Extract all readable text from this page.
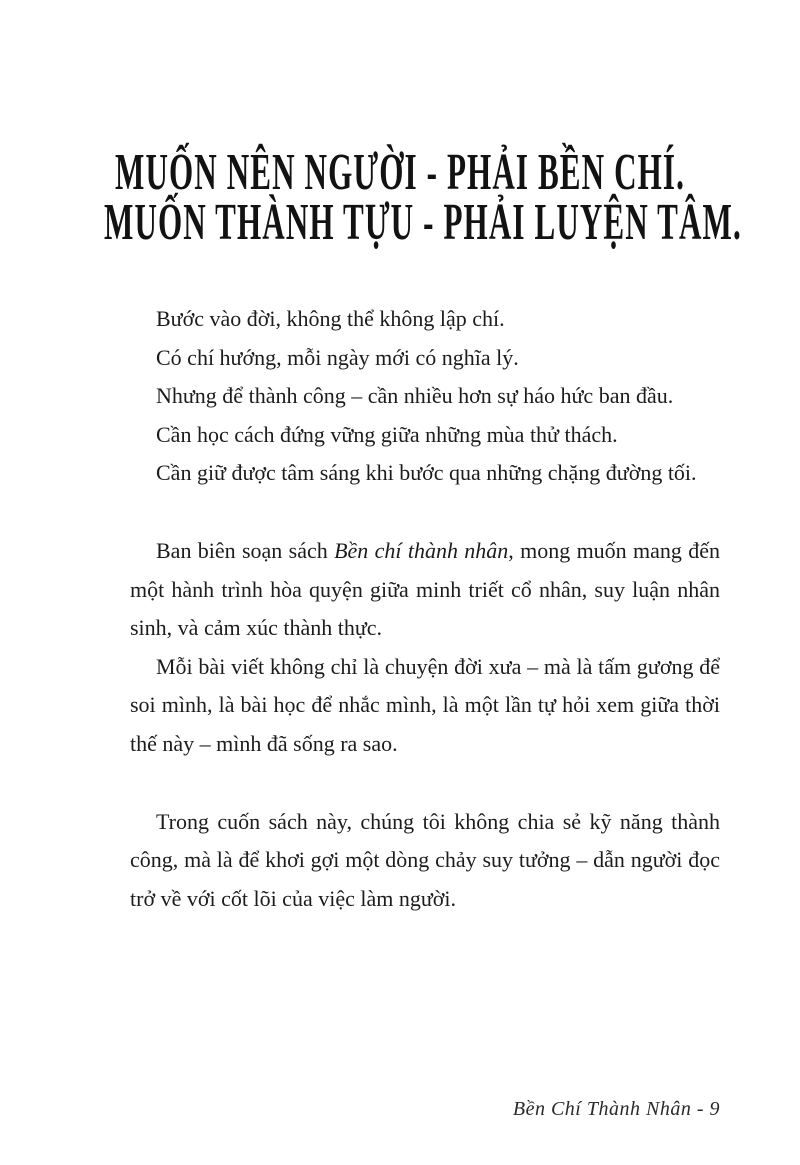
MUỐN NÊN NGƯỜI - PHẢI BỀN CHÍ.
MUỐN THÀNH TỰU - PHẢI LUYỆN TÂM.

Bước vào đời, không thể không lập chí.

Có chí hướng, mỗi ngày mới có nghĩa lý.

Nhưng để thành công – cần nhiều hơn sự háo hức ban đầu.

Cần học cách đứng vững giữa những mùa thử thách.

Cần giữ được tâm sáng khi bước qua những chặng đường tối.

Ban biên soạn sách Bền chí thành nhân, mong muốn mang đến một hành trình hòa quyện giữa minh triết cổ nhân, suy luận nhân sinh, và cảm xúc thành thực.

Mỗi bài viết không chỉ là chuyện đời xưa – mà là tấm gương để soi mình, là bài học để nhắc mình, là một lần tự hỏi xem giữa thời thế này – mình đã sống ra sao.

Trong cuốn sách này, chúng tôi không chia sẻ kỹ năng thành công, mà là để khơi gợi một dòng chảy suy tưởng – dẫn người đọc trở về với cốt lõi của việc làm người.

Bền Chí Thành Nhân - 9
